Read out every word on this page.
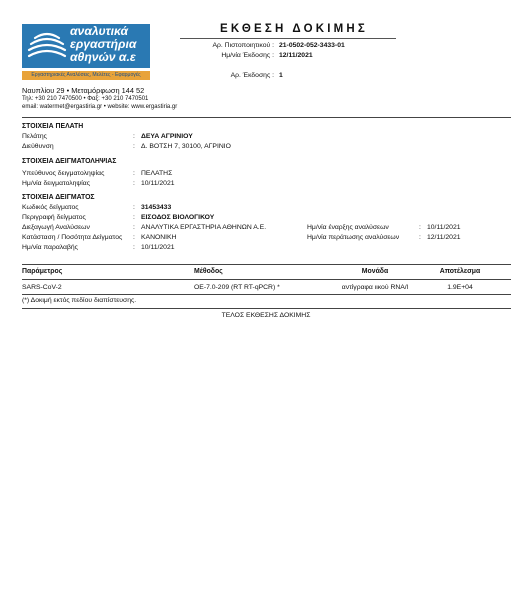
αναλυτικά
εργαστήρια
αθηνών α.ε
Εργαστηριακές Αναλύσεις, Μελέτες - Εφαρμογές
Ναυπλίου 29 • Μεταμόρφωση 144 52
Τηλ: +30 210 7470500 • Φαξ: +30 210 7470501
email: watermet@ergastiria.gr • website: www.ergastiria.gr
ΕΚΘΕΣΗ ΔΟΚΙΜΗΣ
Αρ. Πιστοποιητικού : 21-0502-052-3433-01
Ημ/νία Έκδοσης : 12/11/2021
Αρ. Έκδοσης : 1
ΣΤΟΙΧΕΙΑ ΠΕΛΑΤΗ
Πελάτης	: ΔΕΥΑ ΑΓΡΙΝΙΟΥ
Διεύθυνση	: Δ. ΒΟΤΣΗ 7, 30100, ΑΓΡΙΝΙΟ
ΣΤΟΙΧΕΙΑ ΔΕΙΓΜΑΤΟΛΗΨΙΑΣ
Υπεύθυνος δειγματοληψίας	: ΠΕΛΑΤΗΣ
Ημ/νία δειγματοληψίας	: 10/11/2021
ΣΤΟΙΧΕΙΑ ΔΕΙΓΜΑΤΟΣ
Κωδικός δείγματος	: 31453433
Περιγραφή δείγματος	: ΕΙΣΟΔΟΣ ΒΙΟΛΟΓΙΚΟΥ
Διεξαγωγή Αναλύσεων	: ΑΝΑΛΥΤΙΚΑ ΕΡΓΑΣΤΗΡΙΑ ΑΘΗΝΩΝ Α.Ε.
Κατάσταση / Ποσότητα Δείγματος : ΚΑΝΟΝΙΚΗ
Ημ/νία παραλαβής	: 10/11/2021
Ημ/νία έναρξης αναλύσεων	: 10/11/2021
Ημ/νία περάτωσης αναλύσεων	: 12/11/2021
Παράμετρος	Μέθοδος	Μονάδα	Αποτέλεσμα
SARS-CoV-2	ΟΕ-7.0-209 (RT RT-qPCR) *	αντίγραφα ιικού RNA/l	1.9E+04
(*) Δοκιμή εκτός πεδίου διαπίστευσης.
ΤΕΛΟΣ ΕΚΘΕΣΗΣ ΔΟΚΙΜΗΣ
